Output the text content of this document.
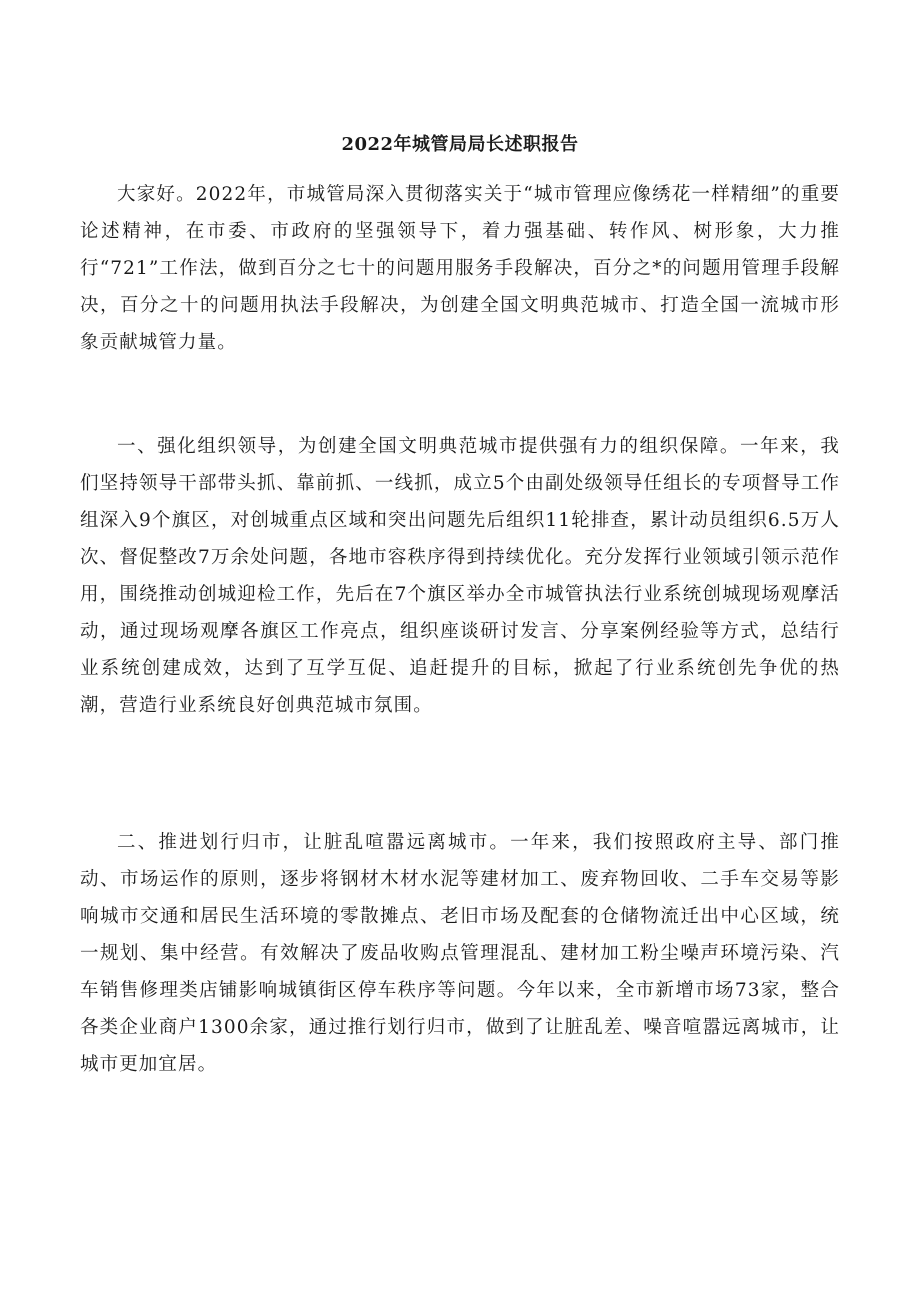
2022年城管局局长述职报告

大家好。2022年，市城管局深入贯彻落实关于“城市管理应像绣花一样精细”的重要论述精神，在市委、市政府的坚强领导下，着力强基础、转作风、树形象，大力推行“721”工作法，做到百分之七十的问题用服务手段解决，百分之*的问题用管理手段解决，百分之十的问题用执法手段解决，为创建全国文明典范城市、打造全国一流城市形象贡献城管力量。

一、强化组织领导，为创建全国文明典范城市提供强有力的组织保障。一年来，我们坚持领导干部带头抓、靠前抓、一线抓，成立5个由副处级领导任组长的专项督导工作组深入9个旗区，对创城重点区域和突出问题先后组织11轮排查，累计动员组织6.5万人次、督促整改7万余处问题，各地市容秩序得到持续优化。充分发挥行业领域引领示范作用，围绕推动创城迎检工作，先后在7个旗区举办全市城管执法行业系统创城现场观摩活动，通过现场观摩各旗区工作亮点，组织座谈研讨发言、分享案例经验等方式，总结行业系统创建成效，达到了互学互促、追赶提升的目标，掀起了行业系统创先争优的热潮，营造行业系统良好创典范城市氛围。

二、推进划行归市，让脏乱喧嚣远离城市。一年来，我们按照政府主导、部门推动、市场运作的原则，逐步将钢材木材水泥等建材加工、废弃物回收、二手车交易等影响城市交通和居民生活环境的零散摊点、老旧市场及配套的仓储物流迁出中心区域，统一规划、集中经营。有效解决了废品收购点管理混乱、建材加工粉尘噪声环境污染、汽车销售修理类店铺影响城镇街区停车秩序等问题。今年以来，全市新增市场73家，整合各类企业商户1300余家，通过推行划行归市，做到了让脏乱差、噪音喧嚣远离城市，让城市更加宜居。
